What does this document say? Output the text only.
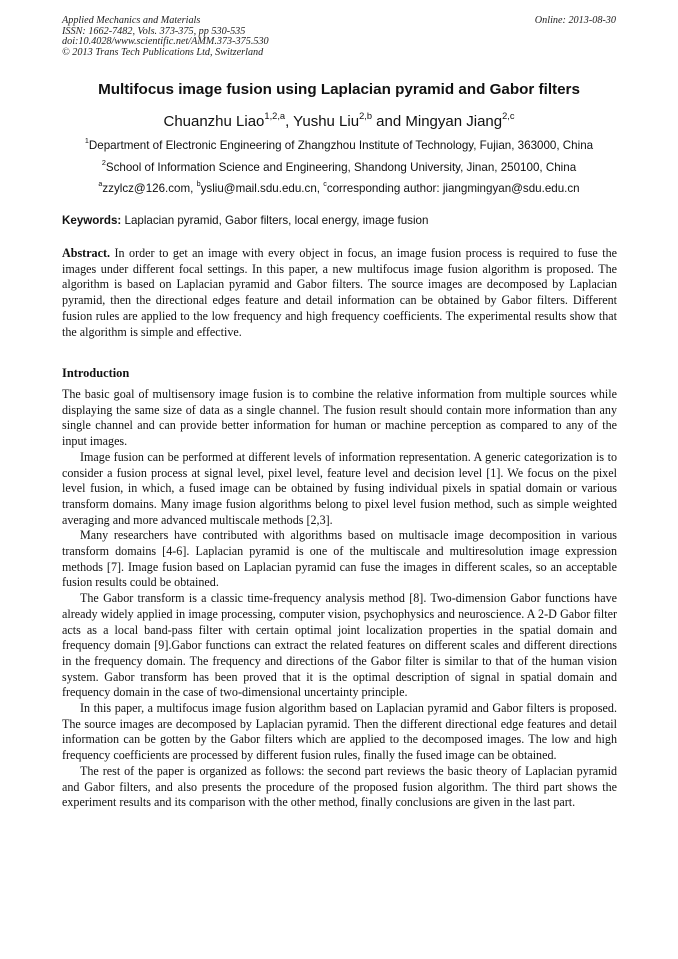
Applied Mechanics and Materials
ISSN: 1662-7482, Vols. 373-375, pp 530-535
doi:10.4028/www.scientific.net/AMM.373-375.530
© 2013 Trans Tech Publications Ltd, Switzerland
Online: 2013-08-30
Multifocus image fusion using Laplacian pyramid and Gabor filters
Chuanzhu Liao$^{1,2,a}$, Yushu Liu$^{2,b}$ and Mingyan Jiang$^{2,c}$
$^1$Department of Electronic Engineering of Zhangzhou Institute of Technology, Fujian, 363000, China
$^2$School of Information Science and Engineering, Shandong University, Jinan, 250100, China
$^a$zzylcz@126.com, $^b$ysliu@mail.sdu.edu.cn, $^c$corresponding author: jiangmingyan@sdu.edu.cn
Keywords: Laplacian pyramid, Gabor filters, local energy, image fusion

Abstract. In order to get an image with every object in focus, an image fusion process is required to fuse the images under different focal settings. In this paper, a new multifocus image fusion algorithm is proposed. The algorithm is based on Laplacian pyramid and Gabor filters. The source images are decomposed by Laplacian pyramid, then the directional edges feature and detail information can be obtained by Gabor filters. Different fusion rules are applied to the low frequency and high frequency coefficients. The experimental results show that the algorithm is simple and effective.

Introduction

The basic goal of multisensory image fusion is to combine the relative information from multiple sources while displaying the same size of data as a single channel. The fusion result should contain more information than any single channel and can provide better information for human or machine perception as compared to any of the input images.

Image fusion can be performed at different levels of information representation. A generic categorization is to consider a fusion process at signal level, pixel level, feature level and decision level [1]. We focus on the pixel level fusion, in which, a fused image can be obtained by fusing individual pixels in spatial domain or various transform domains. Many image fusion algorithms belong to pixel level fusion method, such as simple weighted averaging and more advanced multiscale methods [2,3].

Many researchers have contributed with algorithms based on multisacle image decomposition in various transform domains [4-6]. Laplacian pyramid is one of the multiscale and multiresolution image expression methods [7]. Image fusion based on Laplacian pyramid can fuse the images in different scales, so an acceptable fusion results could be obtained.

The Gabor transform is a classic time-frequency analysis method [8]. Two-dimension Gabor functions have already widely applied in image processing, computer vision, psychophysics and neuroscience. A 2-D Gabor filter acts as a local band-pass filter with certain optimal joint localization properties in the spatial domain and frequency domain [9].Gabor functions can extract the related features on different scales and different directions in the frequency domain. The frequency and directions of the Gabor filter is similar to that of the human vision system. Gabor transform has been proved that it is the optimal description of signal in spatial domain and frequency domain in the case of two-dimensional uncertainty principle.

In this paper, a multifocus image fusion algorithm based on Laplacian pyramid and Gabor filters is proposed. The source images are decomposed by Laplacian pyramid. Then the different directional edge features and detail information can be gotten by the Gabor filters which are applied to the decomposed images. The low and high frequency coefficients are processed by different fusion rules, finally the fused image can be obtained.

The rest of the paper is organized as follows: the second part reviews the basic theory of Laplacian pyramid and Gabor filters, and also presents the procedure of the proposed fusion algorithm. The third part shows the experiment results and its comparison with the other method, finally conclusions are given in the last part.
